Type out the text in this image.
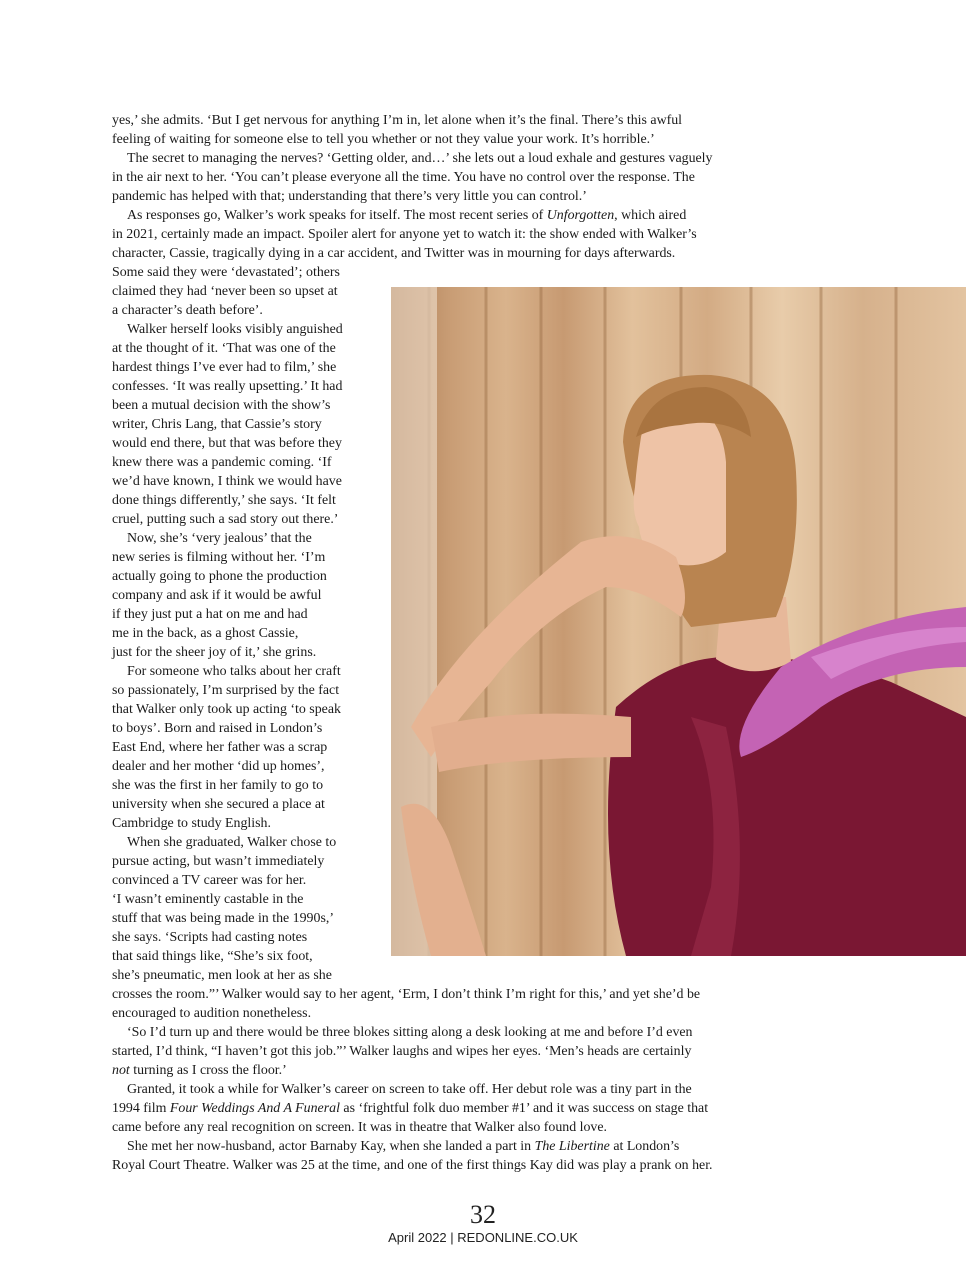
yes,’ she admits. ‘But I get nervous for anything I’m in, let alone when it’s the final. There’s this awful

feeling of waiting for someone else to tell you whether or not they value your work. It’s horrible.’

The secret to managing the nerves? ‘Getting older, and…’ she lets out a loud exhale and gestures vaguely

in the air next to her. ‘You can’t please everyone all the time. You have no control over the response. The

pandemic has helped with that; understanding that there’s very little you can control.’

As responses go, Walker’s work speaks for itself. The most recent series of Unforgotten, which aired

in 2021, certainly made an impact. Spoiler alert for anyone yet to watch it: the show ended with Walker’s

character, Cassie, tragically dying in a car accident, and Twitter was in mourning for days afterwards.

Some said they were ‘devastated’; others

claimed they had ‘never been so upset at

a character’s death before’.

Walker herself looks visibly anguished

at the thought of it. ‘That was one of the

hardest things I’ve ever had to film,’ she

confesses. ‘It was really upsetting.’ It had

been a mutual decision with the show’s

writer, Chris Lang, that Cassie’s story

would end there, but that was before they

knew there was a pandemic coming. ‘If

we’d have known, I think we would have

done things differently,’ she says. ‘It felt

cruel, putting such a sad story out there.’

Now, she’s ‘very jealous’ that the

new series is filming without her. ‘I’m

actually going to phone the production

company and ask if it would be awful

if they just put a hat on me and had

me in the back, as a ghost Cassie,

just for the sheer joy of it,’ she grins.

For someone who talks about her craft

so passionately, I’m surprised by the fact

that Walker only took up acting ‘to speak

to boys’. Born and raised in London’s

East End, where her father was a scrap

dealer and her mother ‘did up homes’,

she was the first in her family to go to

university when she secured a place at

Cambridge to study English.

When she graduated, Walker chose to

pursue acting, but wasn’t immediately

convinced a TV career was for her.

‘I wasn’t eminently castable in the

stuff that was being made in the 1990s,’

she says. ‘Scripts had casting notes

that said things like, “She’s six foot,

she’s pneumatic, men look at her as she

crosses the room.”’ Walker would say to her agent, ‘Erm, I don’t think I’m right for this,’ and yet she’d be

encouraged to audition nonetheless.

‘So I’d turn up and there would be three blokes sitting along a desk looking at me and before I’d even

started, I’d think, “I haven’t got this job.”’ Walker laughs and wipes her eyes. ‘Men’s heads are certainly

not turning as I cross the floor.’

Granted, it took a while for Walker’s career on screen to take off. Her debut role was a tiny part in the

1994 film Four Weddings And A Funeral as ‘frightful folk duo member #1’ and it was success on stage that

came before any real recognition on screen. It was in theatre that Walker also found love.

She met her now-husband, actor Barnaby Kay, when she landed a part in The Libertine at London’s

Royal Court Theatre. Walker was 25 at the time, and one of the first things Kay did was play a prank on her.

32

April 2022 | REDONLINE.CO.UK
